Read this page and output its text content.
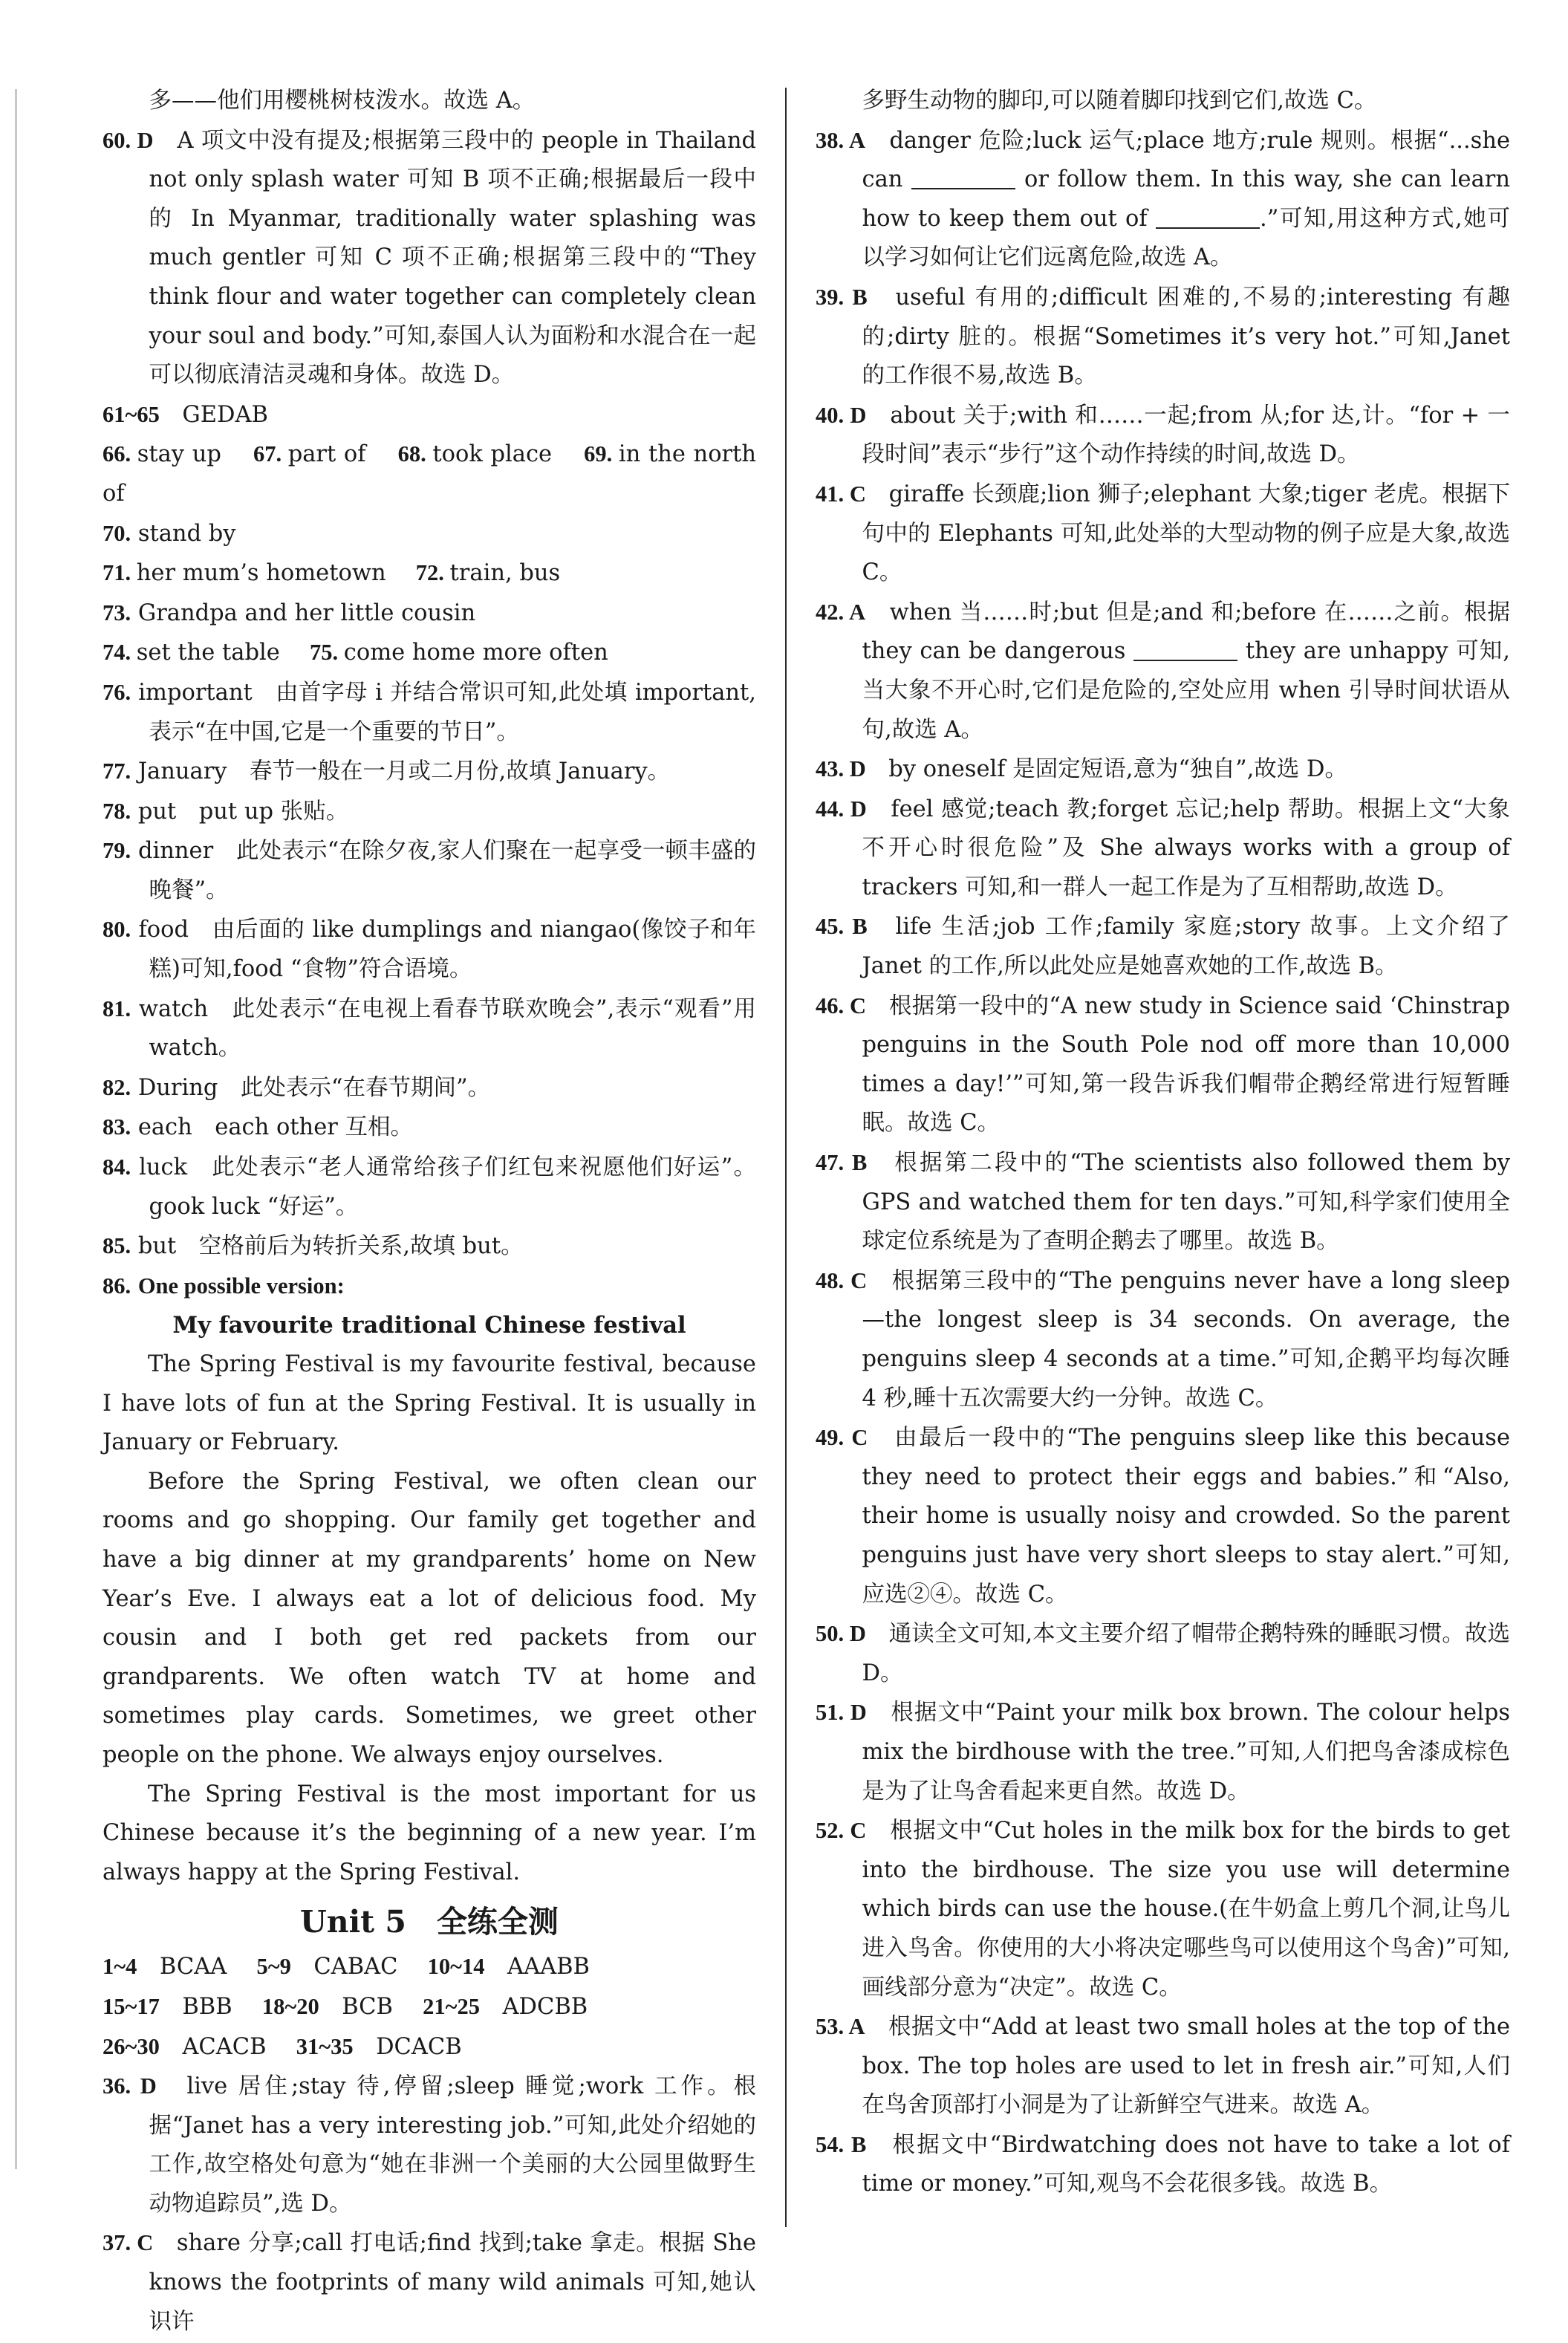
多——他们用樱桃树枝泼水。故选 A。

60. D　 A 项文中没有提及;根据第三段中的 people in Thailand not only splash water 可知 B 项不正确;根据最后一段中的 In Myanmar, traditionally water splashing was much gentler 可知 C 项不正确;根据第三段中的“They think flour and water together can completely clean your soul and body.”可知,泰国人认为面粉和水混合在一起可以彻底清洁灵魂和身体。故选 D。

61~65　 GEDAB

66. stay up　 67. part of　 68. took place　 69. in the north of

70. stand by

71. her mum’s hometown　 72. train, bus

73. Grandpa and her little cousin

74. set the table　 75. come home more often

76. important　由首字母 i 并结合常识可知,此处填 important,表示“在中国,它是一个重要的节日”。

77. January　春节一般在一月或二月份,故填 January。

78. put　put up 张贴。

79. dinner　此处表示“在除夕夜,家人们聚在一起享受一顿丰盛的晚餐”。

80. food　由后面的 like dumplings and niangao(像饺子和年糕)可知,food “食物”符合语境。

81. watch　此处表示“在电视上看春节联欢晚会”,表示“观看”用 watch。

82. During　此处表示“在春节期间”。

83. each　each other 互相。

84. luck　此处表示“老人通常给孩子们红包来祝愿他们好运”。gook luck “好运”。

85. but　空格前后为转折关系,故填 but。

86. One possible version:

My favourite traditional Chinese festival

The Spring Festival is my favourite festival, because I have lots of fun at the Spring Festival. It is usually in January or February.

Before the Spring Festival, we often clean our rooms and go shopping. Our family get together and have a big dinner at my grandparents’ home on New Year’s Eve. I always eat a lot of delicious food. My cousin and I both get red packets from our grandparents. We often watch TV at home and sometimes play cards. Sometimes, we greet other people on the phone. We always enjoy ourselves.

The Spring Festival is the most important for us Chinese because it’s the beginning of a new year. I’m always happy at the Spring Festival.

Unit 5　全练全测

1~4　 BCAA　 5~9　 CABAC　 10~14　 AAABB

15~17　 BBB　 18~20　 BCB　 21~25　 ADCBB

26~30　 ACACB　 31~35　 DCACB

36. D　 live 居住;stay 待,停留;sleep 睡觉;work 工作。根据“Janet has a very interesting job.”可知,此处介绍她的工作,故空格处句意为“她在非洲一个美丽的大公园里做野生动物追踪员”,选 D。

37. C　 share 分享;call 打电话;find 找到;take 拿走。根据 She knows the footprints of many wild animals 可知,她认识许

多野生动物的脚印,可以随着脚印找到它们,故选 C。

38. A　 danger 危险;luck 运气;place 地方;rule 规则。根据“...she can	or follow them. In this way, she can learn how to keep them out of	.”可知,用这种方式,她可以学习如何让它们远离危险,故选 A。

39. B　 useful 有用的;difficult 困难的,不易的;interesting 有趣的;dirty 脏的。根据“Sometimes it’s very hot.”可知,Janet 的工作很不易,故选 B。

40. D　 about 关于;with 和……一起;from 从;for 达,计。“for + 一段时间”表示“步行”这个动作持续的时间,故选 D。

41. C　 giraffe 长颈鹿;lion 狮子;elephant 大象;tiger 老虎。根据下句中的 Elephants 可知,此处举的大型动物的例子应是大象,故选 C。

42. A　 when 当……时;but 但是;and 和;before 在……之前。根据 they can be dangerous	they are unhappy 可知,当大象不开心时,它们是危险的,空处应用 when 引导时间状语从句,故选 A。

43. D　 by oneself 是固定短语,意为“独自”,故选 D。

44. D　 feel 感觉;teach 教;forget 忘记;help 帮助。根据上文“大象不开心时很危险”及 She always works with a group of trackers 可知,和一群人一起工作是为了互相帮助,故选 D。

45. B　 life 生活;job 工作;family 家庭;story 故事。上文介绍了 Janet 的工作,所以此处应是她喜欢她的工作,故选 B。

46. C　 根据第一段中的“A new study in Science said ‘Chinstrap penguins in the South Pole nod off more than 10,000 times a day!’”可知,第一段告诉我们帽带企鹅经常进行短暂睡眠。故选 C。

47. B　 根据第二段中的“The scientists also followed them by GPS and watched them for ten days.”可知,科学家们使用全球定位系统是为了查明企鹅去了哪里。故选 B。

48. C　 根据第三段中的“The penguins never have a long sleep—the longest sleep is 34 seconds. On average, the penguins sleep 4 seconds at a time.”可知,企鹅平均每次睡 4 秒,睡十五次需要大约一分钟。故选 C。

49. C　 由最后一段中的“The penguins sleep like this because they need to protect their eggs and babies.”和“Also, their home is usually noisy and crowded. So the parent penguins just have very short sleeps to stay alert.”可知,应选②④。故选 C。

50. D　 通读全文可知,本文主要介绍了帽带企鹅特殊的睡眠习惯。故选 D。

51. D　 根据文中“Paint your milk box brown. The colour helps mix the birdhouse with the tree.”可知,人们把鸟舍漆成棕色是为了让鸟舍看起来更自然。故选 D。

52. C　 根据文中“Cut holes in the milk box for the birds to get into the birdhouse. The size you use will determine which birds can use the house.(在牛奶盒上剪几个洞,让鸟儿进入鸟舍。你使用的大小将决定哪些鸟可以使用这个鸟舍)”可知,画线部分意为“决定”。故选 C。

53. A　 根据文中“Add at least two small holes at the top of the box. The top holes are used to let in fresh air.”可知,人们在鸟舍顶部打小洞是为了让新鲜空气进来。故选 A。

54. B　 根据文中“Birdwatching does not have to take a lot of time or money.”可知,观鸟不会花很多钱。故选 B。
